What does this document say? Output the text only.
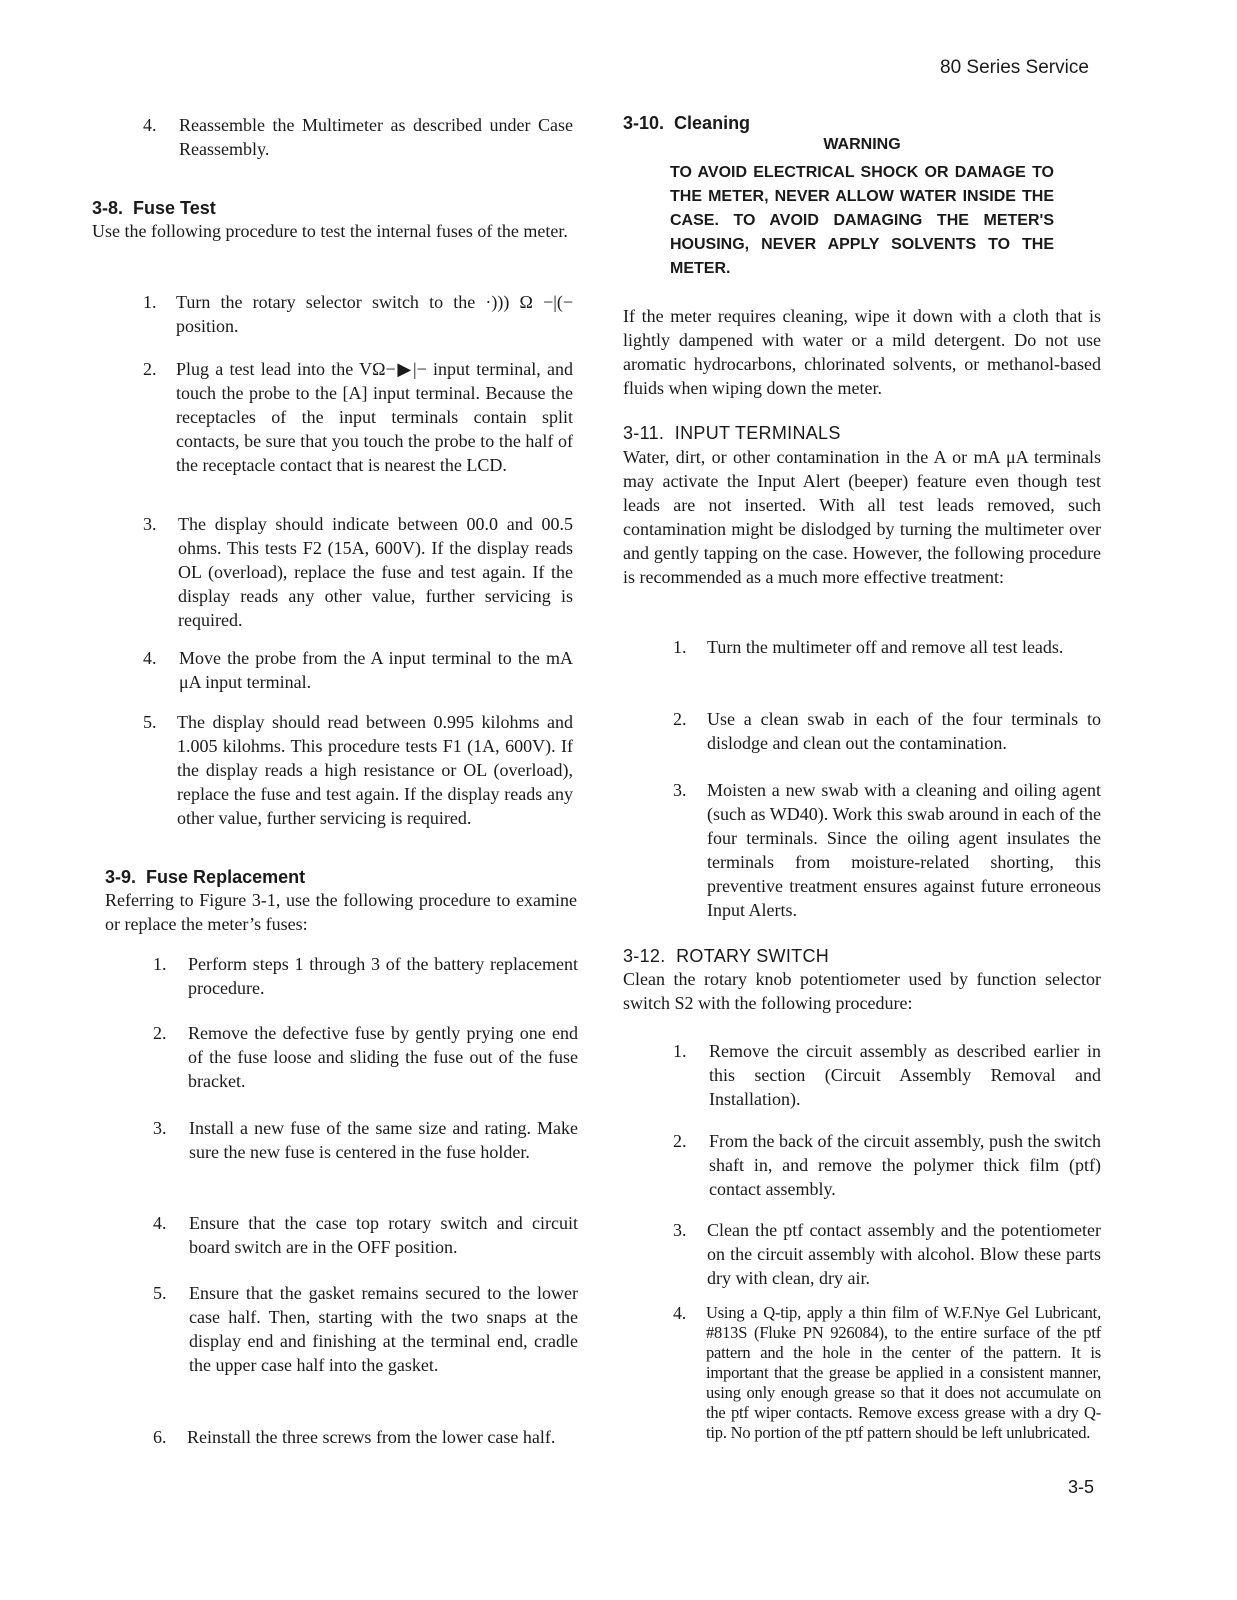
80 Series Service
4. Reassemble the Multimeter as described under Case Reassembly.
3-8. Fuse Test
Use the following procedure to test the internal fuses of the meter.
1. Turn the rotary selector switch to the ·))) Ω −|(− position.
2. Plug a test lead into the VΩ−▶|− input terminal, and touch the probe to the [A] input terminal. Because the receptacles of the input terminals contain split contacts, be sure that you touch the probe to the half of the receptacle contact that is nearest the LCD.
3. The display should indicate between 00.0 and 00.5 ohms. This tests F2 (15A, 600V). If the display reads OL (overload), replace the fuse and test again. If the display reads any other value, further servicing is required.
4. Move the probe from the A input terminal to the mA μA input terminal.
5. The display should read between 0.995 kilohms and 1.005 kilohms. This procedure tests F1 (1A, 600V). If the display reads a high resistance or OL (overload), replace the fuse and test again. If the display reads any other value, further servicing is required.
3-9. Fuse Replacement
Referring to Figure 3-1, use the following procedure to examine or replace the meter’s fuses:
1. Perform steps 1 through 3 of the battery replacement procedure.
2. Remove the defective fuse by gently prying one end of the fuse loose and sliding the fuse out of the fuse bracket.
3. Install a new fuse of the same size and rating. Make sure the new fuse is centered in the fuse holder.
4. Ensure that the case top rotary switch and circuit board switch are in the OFF position.
5. Ensure that the gasket remains secured to the lower case half. Then, starting with the two snaps at the display end and finishing at the terminal end, cradle the upper case half into the gasket.
6. Reinstall the three screws from the lower case half.
3-10. Cleaning
WARNING
TO AVOID ELECTRICAL SHOCK OR DAMAGE TO THE METER, NEVER ALLOW WATER INSIDE THE CASE. TO AVOID DAMAGING THE METER'S HOUSING, NEVER APPLY SOLVENTS TO THE METER.
If the meter requires cleaning, wipe it down with a cloth that is lightly dampened with water or a mild detergent. Do not use aromatic hydrocarbons, chlorinated solvents, or methanol-based fluids when wiping down the meter.
3-11.  INPUT TERMINALS
Water, dirt, or other contamination in the A or mA μA terminals may activate the Input Alert (beeper) feature even though test leads are not inserted. With all test leads removed, such contamination might be dislodged by turning the multimeter over and gently tapping on the case. However, the following procedure is recommended as a much more effective treatment:
1. Turn the multimeter off and remove all test leads.
2. Use a clean swab in each of the four terminals to dislodge and clean out the contamination.
3. Moisten a new swab with a cleaning and oiling agent (such as WD40). Work this swab around in each of the four terminals. Since the oiling agent insulates the terminals from moisture-related shorting, this preventive treatment ensures against future erroneous Input Alerts.
3-12.  ROTARY SWITCH
Clean the rotary knob potentiometer used by function selector switch S2 with the following procedure:
1. Remove the circuit assembly as described earlier in this section (Circuit Assembly Removal and Installation).
2. From the back of the circuit assembly, push the switch shaft in, and remove the polymer thick film (ptf) contact assembly.
3. Clean the ptf contact assembly and the potentiometer on the circuit assembly with alcohol. Blow these parts dry with clean, dry air.
4. Using a Q-tip, apply a thin film of W.F.Nye Gel Lubricant, #813S (Fluke PN 926084), to the entire surface of the ptf pattern and the hole in the center of the pattern. It is important that the grease be applied in a consistent manner, using only enough grease so that it does not accumulate on the ptf wiper contacts. Remove excess grease with a dry Q-tip. No portion of the ptf pattern should be left unlubricated.
3-5
